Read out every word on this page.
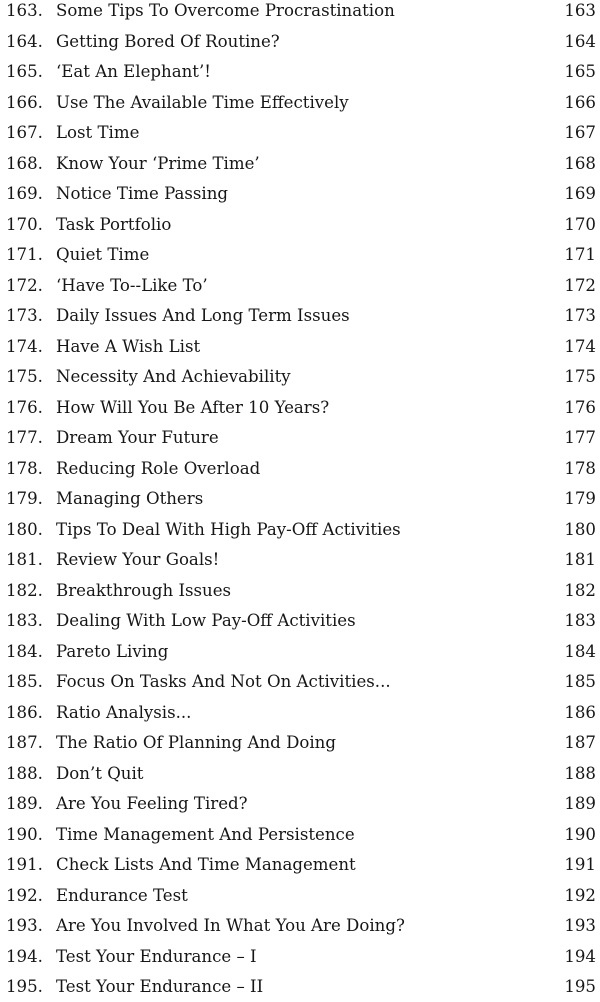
163. Some Tips To Overcome Procrastination	163
164. Getting Bored Of Routine?	164
165. ‘Eat An Elephant’!	165
166. Use The Available Time Effectively	166
167. Lost Time	167
168. Know Your ‘Prime Time’	168
169. Notice Time Passing	169
170. Task Portfolio	170
171. Quiet Time	171
172. ‘Have To--Like To’	172
173. Daily Issues And Long Term Issues	173
174. Have A Wish List	174
175. Necessity And Achievability	175
176. How Will You Be After 10 Years?	176
177. Dream Your Future	177
178. Reducing Role Overload	178
179. Managing Others	179
180. Tips To Deal With High Pay-Off Activities	180
181. Review Your Goals!	181
182. Breakthrough Issues	182
183. Dealing With Low Pay-Off Activities	183
184. Pareto Living	184
185. Focus On Tasks And Not On Activities...	185
186. Ratio Analysis...	186
187. The Ratio Of Planning And Doing	187
188. Don’t Quit	188
189. Are You Feeling Tired?	189
190. Time Management And Persistence	190
191. Check Lists And Time Management	191
192. Endurance Test	192
193. Are You Involved In What You Are Doing?	193
194. Test Your Endurance – I	194
195. Test Your Endurance – II	195
